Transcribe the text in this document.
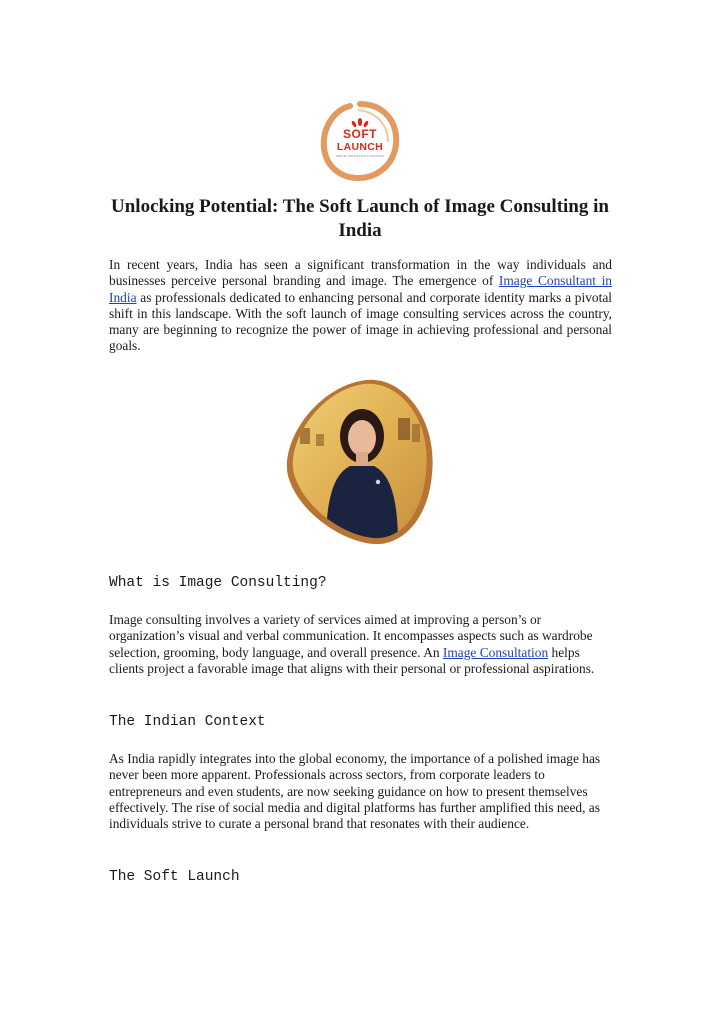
SOFT
LAUNCH
IMAGE CONSULTING & TRAINING
Unlocking Potential: The Soft Launch of Image Consulting in India

In recent years, India has seen a significant transformation in the way individuals and businesses perceive personal branding and image. The emergence of Image Consultant in India as professionals dedicated to enhancing personal and corporate identity marks a pivotal shift in this landscape. With the soft launch of image consulting services across the country, many are beginning to recognize the power of image in achieving professional and personal goals.

What is Image Consulting?

Image consulting involves a variety of services aimed at improving a person’s or organization’s visual and verbal communication. It encompasses aspects such as wardrobe selection, grooming, body language, and overall presence. An Image Consultation helps clients project a favorable image that aligns with their personal or professional aspirations.

The Indian Context

As India rapidly integrates into the global economy, the importance of a polished image has never been more apparent. Professionals across sectors, from corporate leaders to entrepreneurs and even students, are now seeking guidance on how to present themselves effectively. The rise of social media and digital platforms has further amplified this need, as individuals strive to curate a personal brand that resonates with their audience.

The Soft Launch
